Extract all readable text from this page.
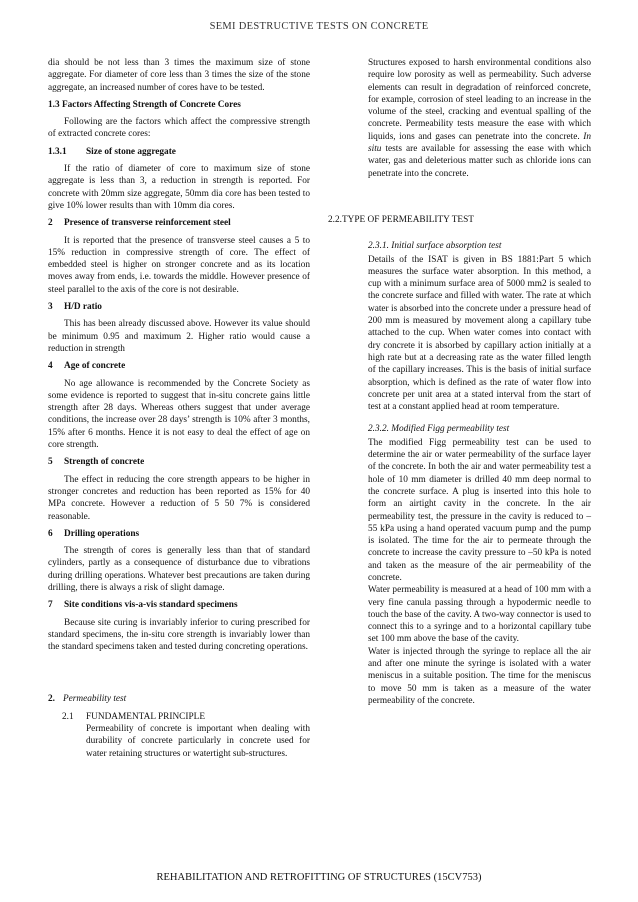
SEMI DESTRUCTIVE TESTS ON CONCRETE

dia should be not less than 3 times the maximum size of stone aggregate. For diameter of core less than 3 times the size of the stone aggregate, an increased number of cores have to be tested.

1.3 Factors Affecting Strength of Concrete Cores

Following are the factors which affect the compressive strength of extracted concrete cores:

1.3.1 Size of stone aggregate

If the ratio of diameter of core to maximum size of stone aggregate is less than 3, a reduction in strength is reported. For concrete with 20mm size aggregate, 50mm dia core has been tested to give 10% lower results than with 10mm dia cores.

2 Presence of transverse reinforcement steel

It is reported that the presence of transverse steel causes a 5 to 15% reduction in compressive strength of core. The effect of embedded steel is higher on stronger concrete and as its location moves away from ends, i.e. towards the middle. However presence of steel parallel to the axis of the core is not desirable.

3 H/D ratio

This has been already discussed above. However its value should be minimum 0.95 and maximum 2. Higher ratio would cause a reduction in strength

4 Age of concrete

No age allowance is recommended by the Concrete Society as some evidence is reported to suggest that in-situ concrete gains little strength after 28 days. Whereas others suggest that under average conditions, the increase over 28 days’ strength is 10% after 3 months, 15% after 6 months. Hence it is not easy to deal the effect of age on core strength.

5 Strength of concrete

The effect in reducing the core strength appears to be higher in stronger concretes and reduction has been reported as 15% for 40 MPa concrete. However a reduction of 5 50 7% is considered reasonable.

6 Drilling operations

The strength of cores is generally less than that of standard cylinders, partly as a consequence of disturbance due to vibrations during drilling operations. Whatever best precautions are taken during drilling, there is always a risk of slight damage.

7 Site conditions vis-a-vis standard specimens

Because site curing is invariably inferior to curing prescribed for standard specimens, the in-situ core strength is invariably lower than the standard specimens taken and tested during concreting operations.

2. Permeability test
2.1 FUNDAMENTAL PRINCIPLE
Permeability of concrete is important when dealing with durability of concrete particularly in concrete used for water retaining structures or watertight sub-structures.
Structures exposed to harsh environmental conditions also require low porosity as well as permeability. Such adverse elements can result in degradation of reinforced concrete, for example, corrosion of steel leading to an increase in the volume of the steel, cracking and eventual spalling of the concrete. Permeability tests measure the ease with which liquids, ions and gases can penetrate into the concrete. In situ tests are available for assessing the ease with which water, gas and deleterious matter such as chloride ions can penetrate into the concrete.
2.2.TYPE OF PERMEABILITY TEST
2.3.1. Initial surface absorption test

Details of the ISAT is given in BS 1881:Part 5 which measures the surface water absorption. In this method, a cup with a minimum surface area of 5000 mm2 is sealed to the concrete surface and filled with water. The rate at which water is absorbed into the concrete under a pressure head of 200 mm is measured by movement along a capillary tube attached to the cup. When water comes into contact with dry concrete it is absorbed by capillary action initially at a high rate but at a decreasing rate as the water filled length of the capillary increases. This is the basis of initial surface absorption, which is defined as the rate of water flow into concrete per unit area at a stated interval from the start of test at a constant applied head at room temperature.

2.3.2. Modified Figg permeability test

The modified Figg permeability test can be used to determine the air or water permeability of the surface layer of the concrete. In both the air and water permeability test a hole of 10 mm diameter is drilled 40 mm deep normal to the concrete surface. A plug is inserted into this hole to form an airtight cavity in the concrete. In the air permeability test, the pressure in the cavity is reduced to –55 kPa using a hand operated vacuum pump and the pump is isolated. The time for the air to permeate through the concrete to increase the cavity pressure to –50 kPa is noted and taken as the measure of the air permeability of the concrete.

Water permeability is measured at a head of 100 mm with a very fine canula passing through a hypodermic needle to touch the base of the cavity. A two-way connector is used to connect this to a syringe and to a horizontal capillary tube set 100 mm above the base of the cavity.

Water is injected through the syringe to replace all the air and after one minute the syringe is isolated with a water meniscus in a suitable position. The time for the meniscus to move 50 mm is taken as a measure of the water permeability of the concrete.

REHABILITATION AND RETROFITTING OF STRUCTURES (15CV753)
